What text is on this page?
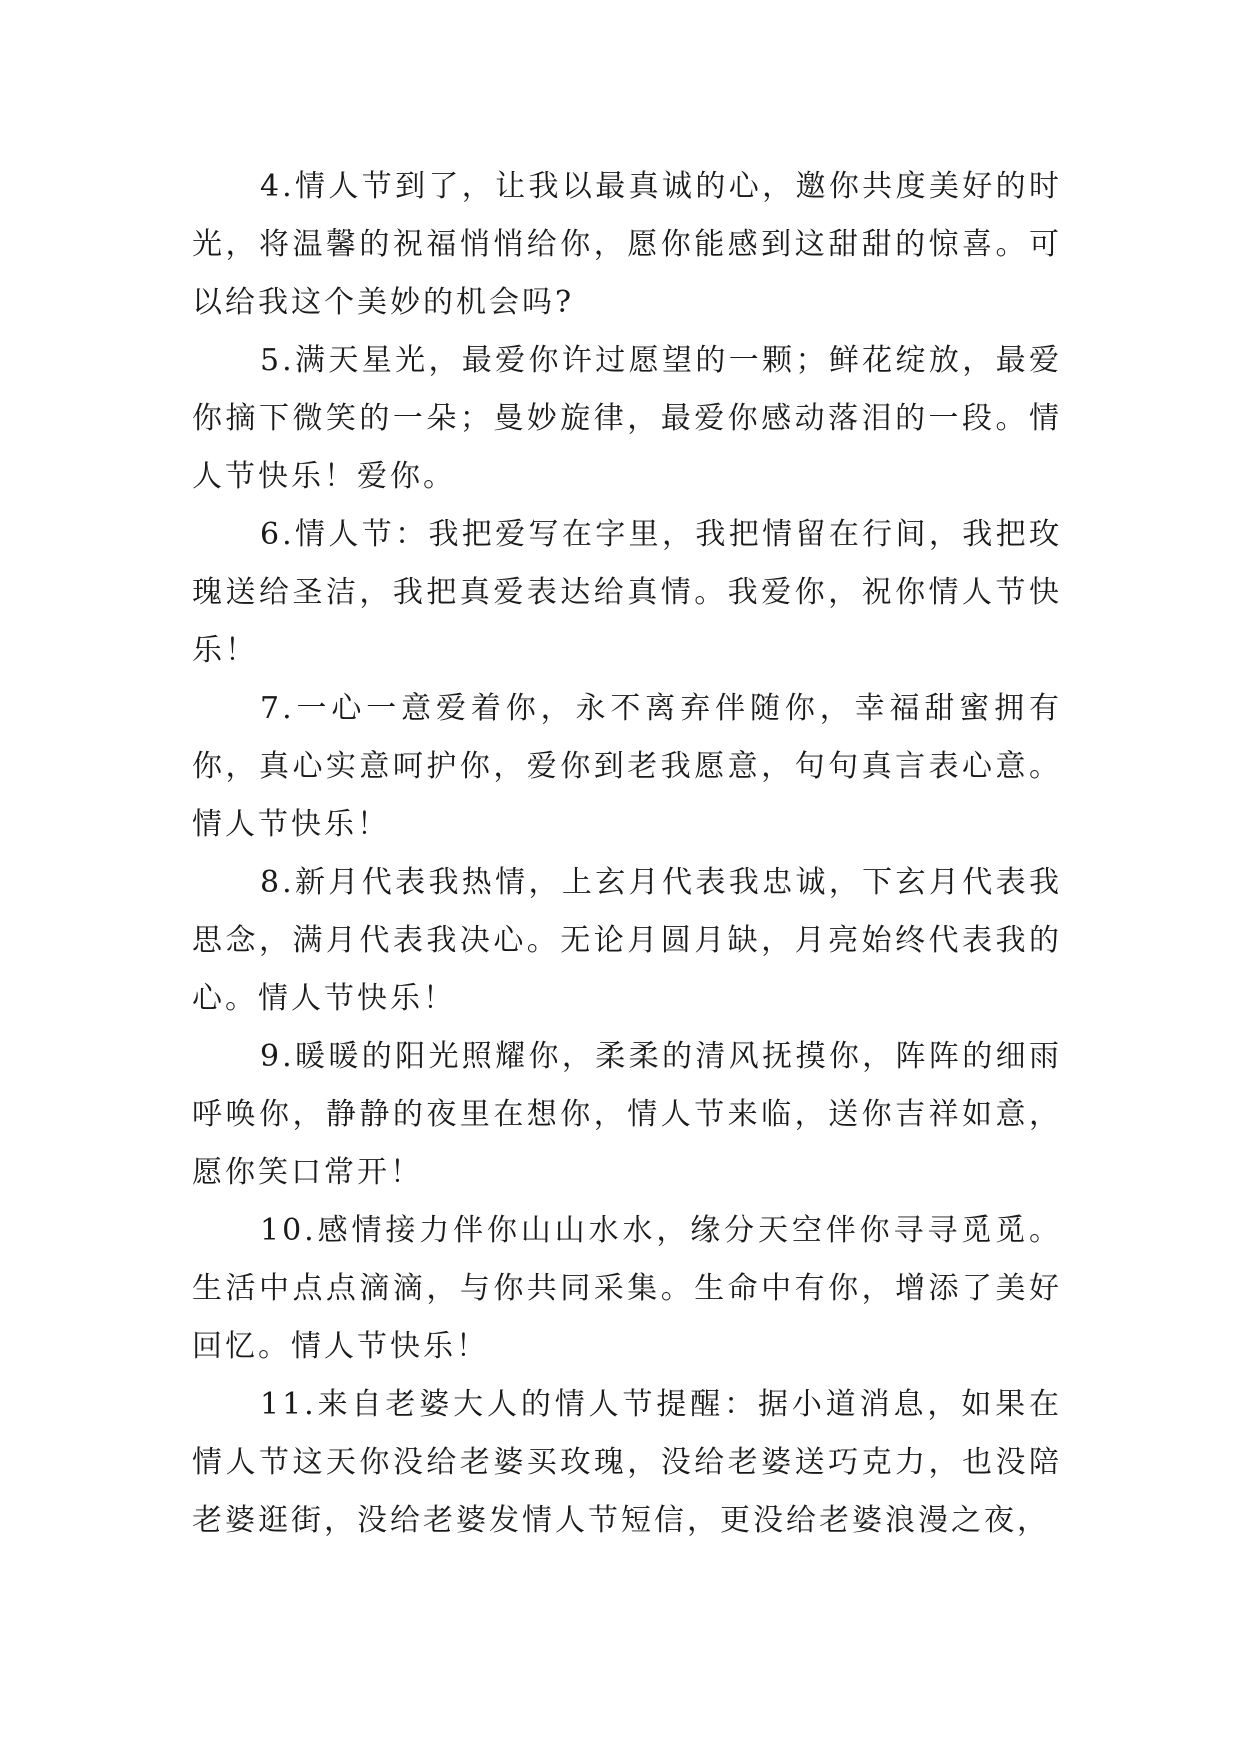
4.情人节到了，让我以最真诚的心，邀你共度美好的时光，将温馨的祝福悄悄给你，愿你能感到这甜甜的惊喜。可以给我这个美妙的机会吗?

5.满天星光，最爱你许过愿望的一颗；鲜花绽放，最爱你摘下微笑的一朵；曼妙旋律，最爱你感动落泪的一段。情人节快乐！爱你。

6.情人节：我把爱写在字里，我把情留在行间，我把玫瑰送给圣洁，我把真爱表达给真情。我爱你，祝你情人节快乐！

7.一心一意爱着你，永不离弃伴随你，幸福甜蜜拥有你，真心实意呵护你，爱你到老我愿意，句句真言表心意。情人节快乐！

8.新月代表我热情，上玄月代表我忠诚，下玄月代表我思念，满月代表我决心。无论月圆月缺，月亮始终代表我的心。情人节快乐！

9.暖暖的阳光照耀你，柔柔的清风抚摸你，阵阵的细雨呼唤你，静静的夜里在想你，情人节来临，送你吉祥如意，愿你笑口常开！

10.感情接力伴你山山水水，缘分天空伴你寻寻觅觅。生活中点点滴滴，与你共同采集。生命中有你，增添了美好回忆。情人节快乐！

11.来自老婆大人的情人节提醒：据小道消息，如果在情人节这天你没给老婆买玫瑰，没给老婆送巧克力，也没陪老婆逛街，没给老婆发情人节短信，更没给老婆浪漫之夜，
